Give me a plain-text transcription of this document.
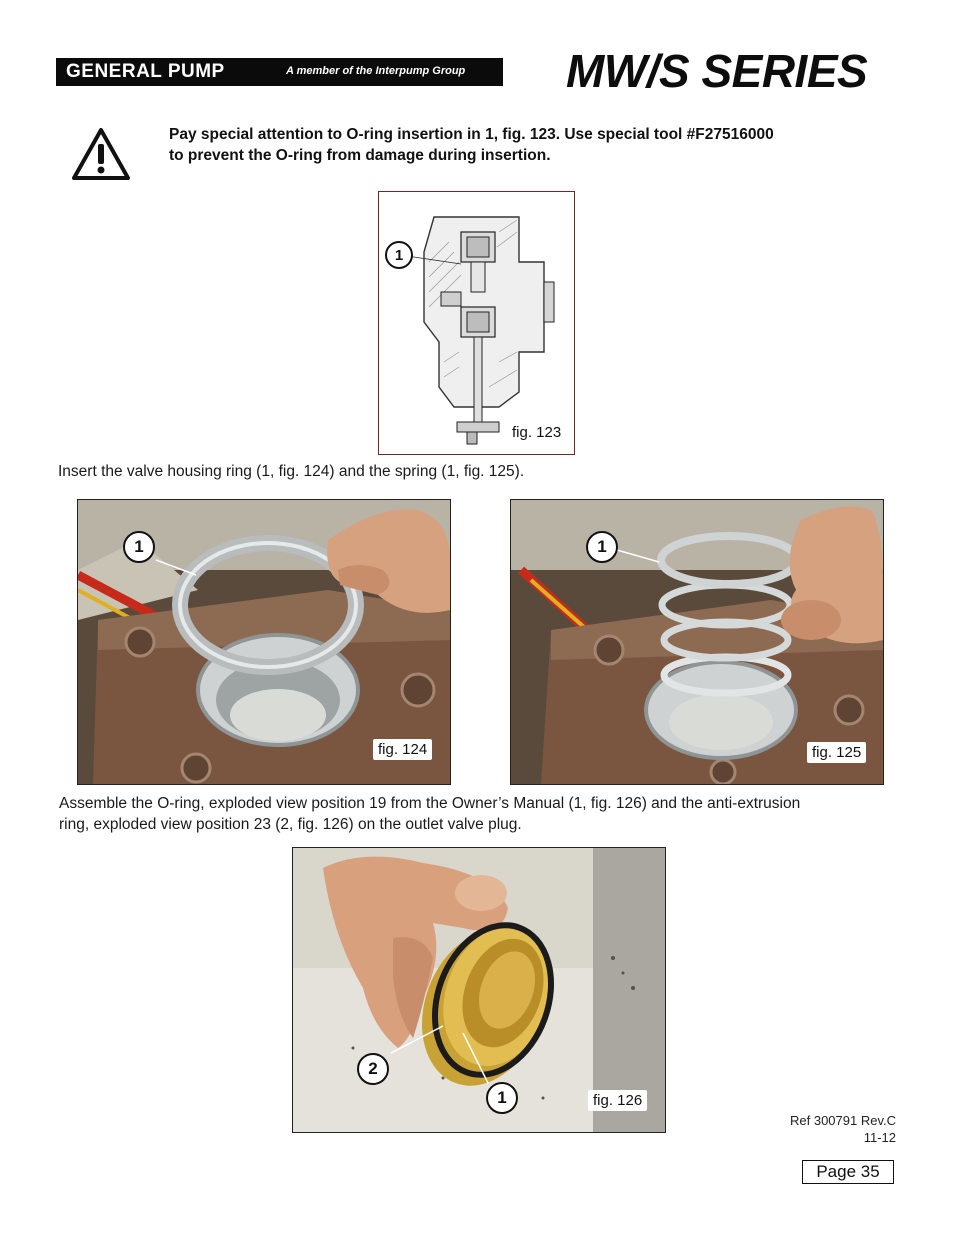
GENERAL PUMP	A member of the Interpump Group MW/S SERIES
Pay special attention to O-ring insertion in 1, fig. 123. Use special tool #F27516000
to prevent the O-ring from damage during insertion.
1
fig. 123
Insert the valve housing ring (1, fig. 124) and the spring (1, fig. 125).
1
fig. 124
1
fig. 125
Assemble the O-ring, exploded view position 19 from the Owner’s Manual (1, fig. 126) and the anti-extrusion
ring, exploded view position 23 (2, fig. 126) on the outlet valve plug.
2
1	fig. 126
Ref 300791 Rev.C
11-12
Page 35
